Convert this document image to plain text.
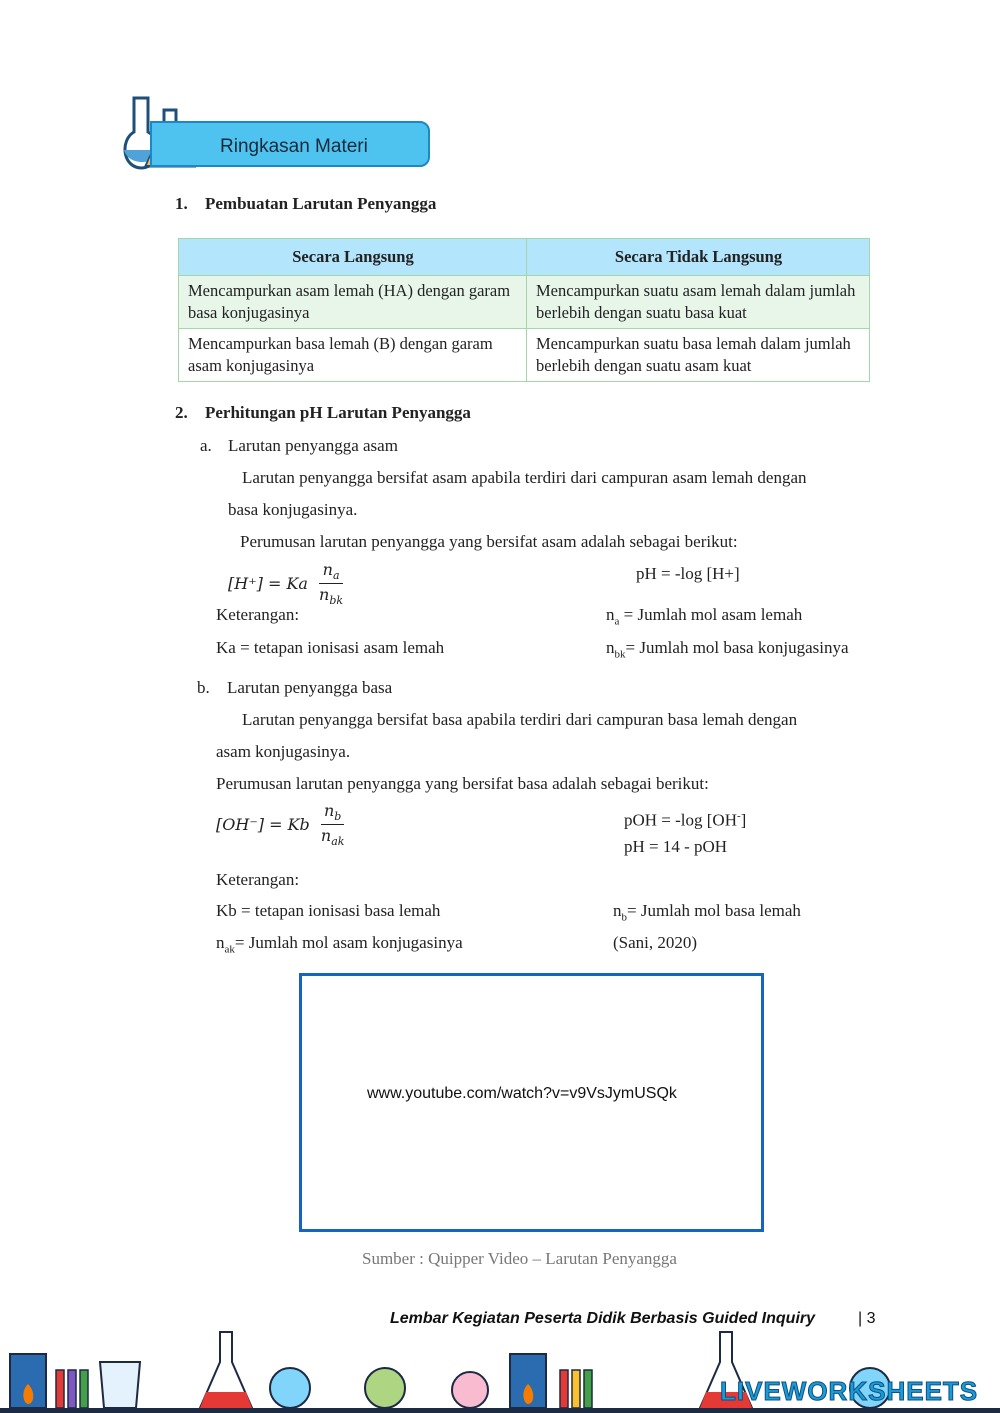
Ringkasan Materi
1. Pembuatan Larutan Penyangga
Secara Langsung	Secara Tidak Langsung
Mencampurkan asam lemah (HA) dengan garam basa konjugasinya	Mencampurkan suatu asam lemah dalam jumlah berlebih dengan suatu basa kuat
Mencampurkan basa lemah (B) dengan garam asam konjugasinya	Mencampurkan suatu basa lemah dalam jumlah berlebih dengan suatu asam kuat
2. Perhitungan pH Larutan Penyangga
a. Larutan penyangga asam
Larutan penyangga bersifat asam apabila terdiri dari campuran asam lemah dengan
basa konjugasinya.
Perumusan larutan penyangga yang bersifat asam adalah sebagai berikut:
[H⁺] = Ka $\frac{n_a}{n_{bk}}$	pH = -log [H+]
Keterangan:	$n_a$ = Jumlah mol asam lemah
Ka = tetapan ionisasi asam lemah	$n_{bk}=$ Jumlah mol basa konjugasinya
b. Larutan penyangga basa
Larutan penyangga bersifat basa apabila terdiri dari campuran basa lemah dengan
asam konjugasinya.
Perumusan larutan penyangga yang bersifat basa adalah sebagai berikut:
[OH⁻] = Kb $\frac{n_b}{n_{ak}}$	pOH = -log [OH-]
pH = 14 - pOH
Keterangan:
Kb = tetapan ionisasi basa lemah	$n_b=$ Jumlah mol basa lemah
$n_{ak}=$ Jumlah mol asam konjugasinya	(Sani, 2020)
www.youtube.com/watch?v=v9VsJymUSQk
Sumber : Quipper Video – Larutan Penyangga
Lembar Kegiatan Peserta Didik Berbasis Guided Inquiry	| 3
LIVEWORKSHEETS
